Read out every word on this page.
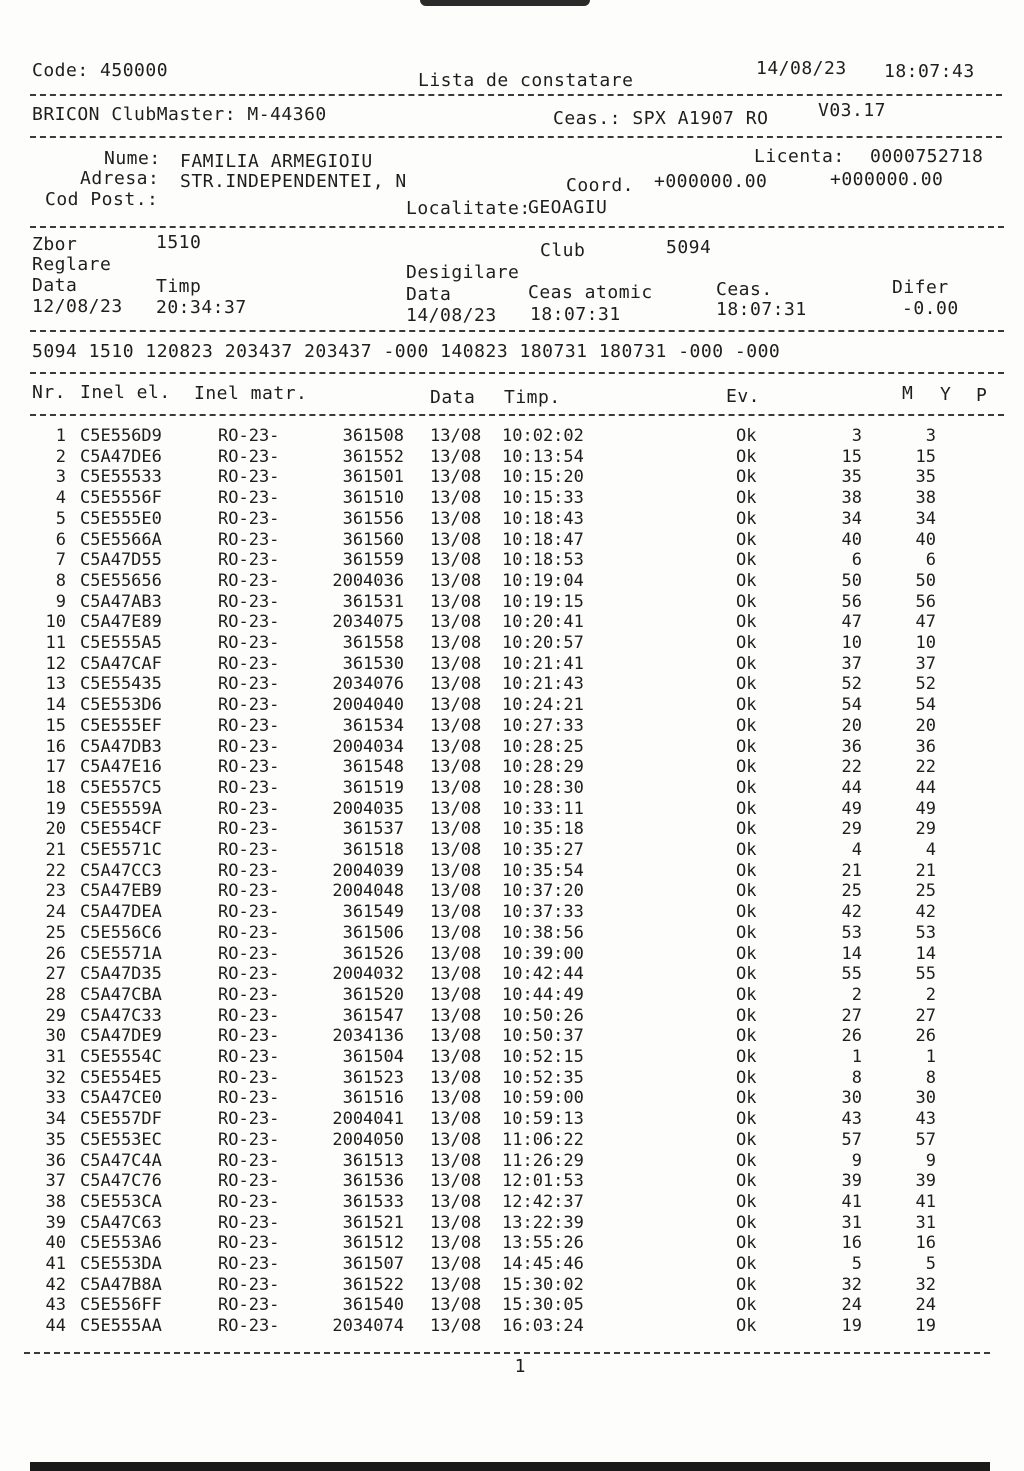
Code: 450000	Lista de constatare
14/08/23 18:07:43
BRICON ClubMaster: M-44360	Ceas.: SPX A1907 RO	V03.17
Nume: FAMILIA ARMEGIOIU	Licenta: 0000752718
Adresa: STR.INDEPENDENTEI, N	Coord. +000000.00	+000000.00
Cod Post.:	Localitate:
GEOAGIU
Zbor	1510	Club	5094
Reglare	Desigilare
Data	Timp	Data	Ceas atomic	Ceas.	Difer
12/08/23 20:34:37	14/08/23 18:07:31	18:07:31	-0.00
5094 1510 120823 203437 203437 -000 140823 180731 180731 -000 -000
Nr. Inel el. Inel matr.	Data Timp.	Ev.	M Y P
1 C5E556D9	RO-23-	361508 13/08 10:02:02	Ok	3	3
2 C5A47DE6	RO-23-	361552 13/08 10:13:54	Ok	15	15
3 C5E55533	RO-23-	361501 13/08 10:15:20	Ok	35	35
4 C5E5556F	RO-23-	361510 13/08 10:15:33	Ok	38	38
5 C5E555E0	RO-23-	361556 13/08 10:18:43	Ok	34	34
6 C5E5566A	RO-23-	361560 13/08 10:18:47	Ok	40	40
7 C5A47D55	RO-23-	361559 13/08 10:18:53	Ok	6	6
8 C5E55656	RO-23-	2004036 13/08 10:19:04	Ok	50	50
9 C5A47AB3	RO-23-	361531 13/08 10:19:15	Ok	56	56
10 C5A47E89	RO-23-	2034075 13/08 10:20:41	Ok	47	47
11 C5E555A5	RO-23-	361558 13/08 10:20:57	Ok	10	10
12 C5A47CAF	RO-23-	361530 13/08 10:21:41	Ok	37	37
13 C5E55435	RO-23-	2034076 13/08 10:21:43	Ok	52	52
14 C5E553D6	RO-23-	2004040 13/08 10:24:21	Ok	54	54
15 C5E555EF	RO-23-	361534 13/08 10:27:33	Ok	20	20
16 C5A47DB3	RO-23-	2004034 13/08 10:28:25	Ok	36	36
17 C5A47E16	RO-23-	361548 13/08 10:28:29	Ok	22	22
18 C5E557C5	RO-23-	361519 13/08 10:28:30	Ok	44	44
19 C5E5559A	RO-23-	2004035 13/08 10:33:11	Ok	49	49
20 C5E554CF	RO-23-	361537 13/08 10:35:18	Ok	29	29
21 C5E5571C	RO-23-	361518 13/08 10:35:27	Ok	4	4
22 C5A47CC3	RO-23-	2004039 13/08 10:35:54	Ok	21	21
23 C5A47EB9	RO-23-	2004048 13/08 10:37:20	Ok	25	25
24 C5A47DEA	RO-23-	361549 13/08 10:37:33	Ok	42	42
25 C5E556C6	RO-23-	361506 13/08 10:38:56	Ok	53	53
26 C5E5571A	RO-23-	361526 13/08 10:39:00	Ok	14	14
27 C5A47D35	RO-23-	2004032 13/08 10:42:44	Ok	55	55
28 C5A47CBA	RO-23-	361520 13/08 10:44:49	Ok	2	2
29 C5A47C33	RO-23-	361547 13/08 10:50:26	Ok	27	27
30 C5A47DE9	RO-23-	2034136 13/08 10:50:37	Ok	26	26
31 C5E5554C	RO-23-	361504 13/08 10:52:15	Ok	1	1
32 C5E554E5	RO-23-	361523 13/08 10:52:35	Ok	8	8
33 C5A47CE0	RO-23-	361516 13/08 10:59:00	Ok	30	30
34 C5E557DF	RO-23-	2004041 13/08 10:59:13	Ok	43	43
35 C5E553EC	RO-23-	2004050 13/08 11:06:22	Ok	57	57
36 C5A47C4A	RO-23-	361513 13/08 11:26:29	Ok	9	9
37 C5A47C76	RO-23-	361536 13/08 12:01:53	Ok	39	39
38 C5E553CA	RO-23-	361533 13/08 12:42:37	Ok	41	41
39 C5A47C63	RO-23-	361521 13/08 13:22:39	Ok	31	31
40 C5E553A6	RO-23-	361512 13/08 13:55:26	Ok	16	16
41 C5E553DA	RO-23-	361507 13/08 14:45:46	Ok	5	5
42 C5A47B8A	RO-23-	361522 13/08 15:30:02	Ok	32	32
43 C5E556FF	RO-23-	361540 13/08 15:30:05	Ok	24	24
44 C5E555AA	RO-23-	2034074 13/08 16:03:24	Ok	19	19
1
